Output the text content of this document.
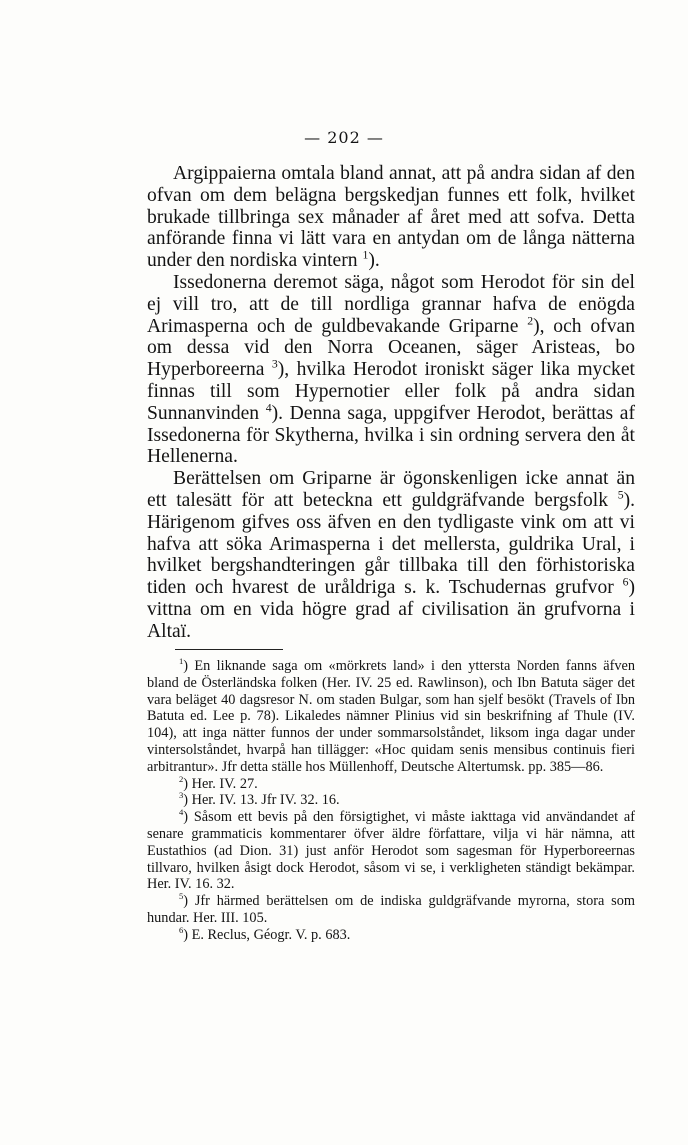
— 202 —

Argippaierna omtala bland annat, att på andra sidan af den ofvan om dem belägna bergskedjan funnes ett folk, hvilket brukade tillbringa sex månader af året med att sofva. Detta anförande finna vi lätt vara en antydan om de långa nätterna under den nordiska vintern $^1$).

Issedonerna deremot säga, något som Herodot för sin del ej vill tro, att de till nordliga grannar hafva de enögda Arimasperna och de guldbevakande Griparne $^2$), och ofvan om dessa vid den Norra Oceanen, säger Aristeas, bo Hyperboreerna $^3$), hvilka Herodot ironiskt säger lika mycket finnas till som Hypernotier eller folk på andra sidan Sunnanvinden $^4$). Denna saga, uppgifver Herodot, berättas af Issedonerna för Skytherna, hvilka i sin ordning servera den åt Hellenerna.

Berättelsen om Griparne är ögonskenligen icke annat än ett talesätt för att beteckna ett guldgräfvande bergsfolk $^5$). Härigenom gifves oss äfven en den tydligaste vink om att vi hafva att söka Arimasperna i det mellersta, guldrika Ural, i hvilket bergshandteringen går tillbaka till den förhistoriska tiden och hvarest de uråldriga s. k. Tschudernas grufvor $^6$) vittna om en vida högre grad af civilisation än grufvorna i Altaï.

$^1$) En liknande saga om «mörkrets land» i den yttersta Norden fanns äfven bland de Österländska folken (Her. IV. 25 ed. Rawlinson), och Ibn Batuta säger det vara beläget 40 dagsresor N. om staden Bulgar, som han sjelf besökt (Travels of Ibn Batuta ed. Lee p. 78). Likaledes nämner Plinius vid sin beskrifning af Thule (IV. 104), att inga nätter funnos der under sommarsolståndet, liksom inga dagar under vintersolståndet, hvarpå han tillägger: «Hoc quidam senis mensibus continuis fieri arbitrantur». Jfr detta ställe hos Müllenhoff, Deutsche Altertumsk. pp. 385—86.

$^2$) Her. IV. 27.

$^3$) Her. IV. 13. Jfr IV. 32. 16.

$^4$) Såsom ett bevis på den försigtighet, vi måste iakttaga vid användandet af senare grammaticis kommentarer öfver äldre författare, vilja vi här nämna, att Eustathios (ad Dion. 31) just anför Herodot som sagesman för Hyperboreernas tillvaro, hvilken åsigt dock Herodot, såsom vi se, i verkligheten ständigt bekämpar. Her. IV. 16. 32.

$^5$) Jfr härmed berättelsen om de indiska guldgräfvande myrorna, stora som hundar. Her. III. 105.

$^6$) E. Reclus, Géogr. V. p. 683.
